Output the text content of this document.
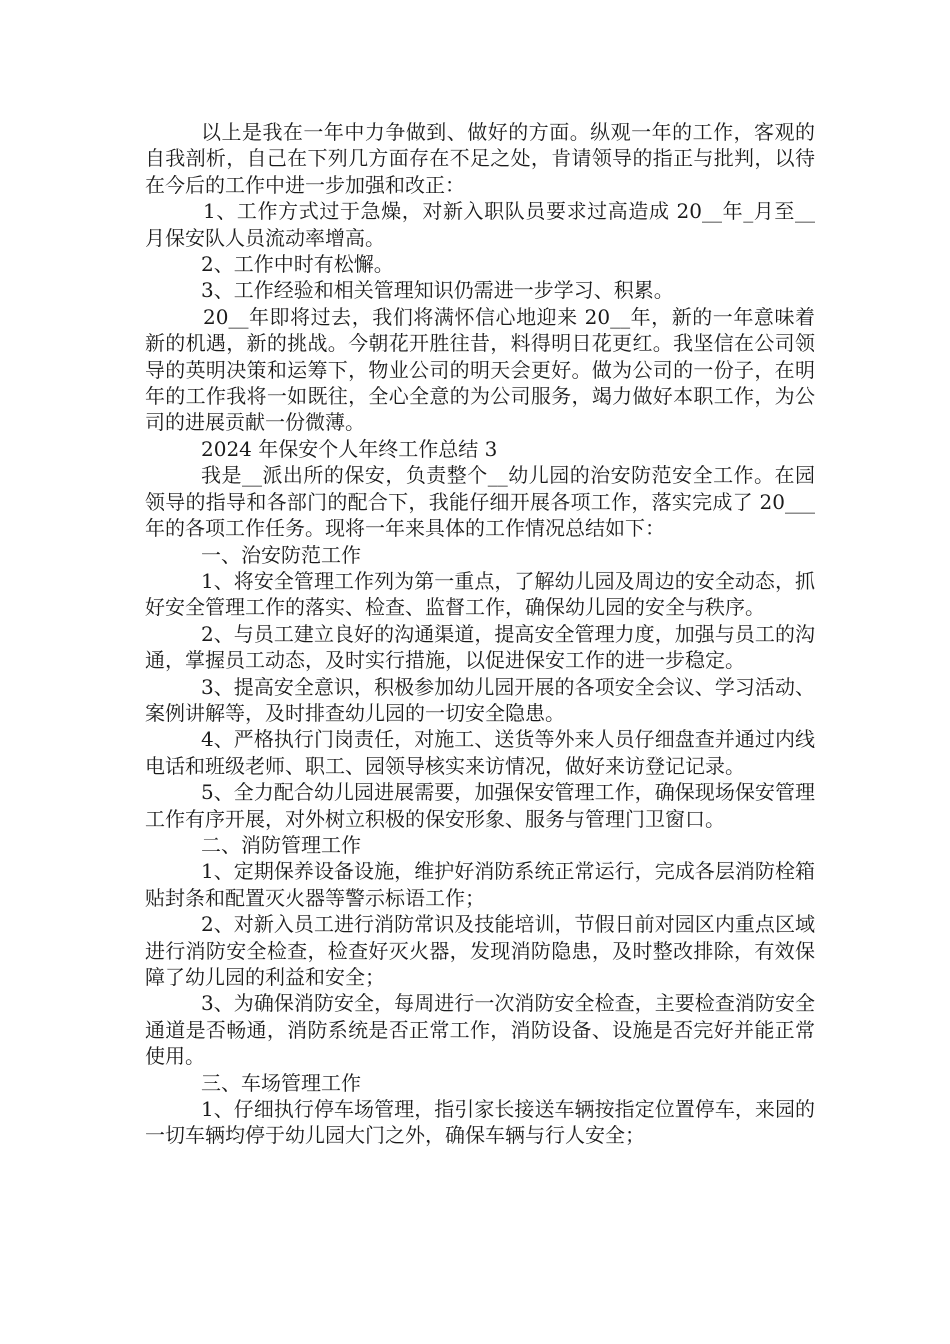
以上是我在一年中力争做到、做好的方面。纵观一年的工作，客观的自我剖析，自己在下列几方面存在不足之处，肯请领导的指正与批判，以待在今后的工作中进一步加强和改正：

1、工作方式过于急燥，对新入职队员要求过高造成 20__年_月至__月保安队人员流动率增高。

2、工作中时有松懈。

3、工作经验和相关管理知识仍需进一步学习、积累。

20__年即将过去，我们将满怀信心地迎来 20__年，新的一年意味着新的机遇，新的挑战。今朝花开胜往昔，料得明日花更红。我坚信在公司领导的英明决策和运筹下，物业公司的明天会更好。做为公司的一份子，在明年的工作我将一如既往，全心全意的为公司服务，竭力做好本职工作，为公司的进展贡献一份微薄。

2024 年保安个人年终工作总结 3

我是__派出所的保安，负责整个__幼儿园的治安防范安全工作。在园领导的指导和各部门的配合下，我能仔细开展各项工作，落实完成了 20___年的各项工作任务。现将一年来具体的工作情况总结如下：

一、治安防范工作

1、将安全管理工作列为第一重点，了解幼儿园及周边的安全动态，抓好安全管理工作的落实、检查、监督工作，确保幼儿园的安全与秩序。

2、与员工建立良好的沟通渠道，提高安全管理力度，加强与员工的沟通，掌握员工动态，及时实行措施，以促进保安工作的进一步稳定。

3、提高安全意识，积极参加幼儿园开展的各项安全会议、学习活动、案例讲解等，及时排查幼儿园的一切安全隐患。

4、严格执行门岗责任，对施工、送货等外来人员仔细盘查并通过内线电话和班级老师、职工、园领导核实来访情况，做好来访登记记录。

5、全力配合幼儿园进展需要，加强保安管理工作，确保现场保安管理工作有序开展，对外树立积极的保安形象、服务与管理门卫窗口。

二、消防管理工作

1、定期保养设备设施，维护好消防系统正常运行，完成各层消防栓箱贴封条和配置灭火器等警示标语工作；

2、对新入员工进行消防常识及技能培训，节假日前对园区内重点区域进行消防安全检查，检查好灭火器，发现消防隐患，及时整改排除，有效保障了幼儿园的利益和安全；

3、为确保消防安全，每周进行一次消防安全检查，主要检查消防安全通道是否畅通，消防系统是否正常工作，消防设备、设施是否完好并能正常使用。

三、车场管理工作

1、仔细执行停车场管理，指引家长接送车辆按指定位置停车，来园的一切车辆均停于幼儿园大门之外，确保车辆与行人安全；
